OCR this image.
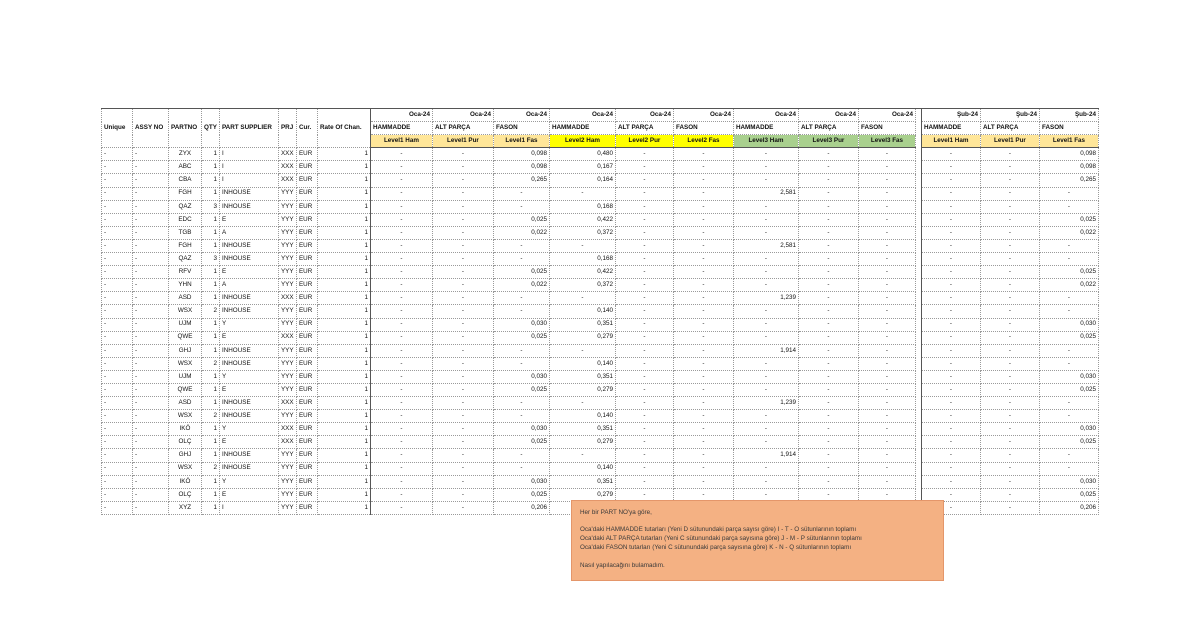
Unique	ASSY NO	PARTNO	QTY	PART SUPPLIER	PRJ	Cur.	Rate Of Chan.	Oca-24	Oca-24	Oca-24	Oca-24	Oca-24	Oca-24	Oca-24	Oca-24	Oca-24		Şub-24	Şub-24	Şub-24
								HAMMADDE	ALT PARÇA	FASON	HAMMADDE	ALT PARÇA	FASON	HAMMADDE	ALT PARÇA	FASON		HAMMADDE	ALT PARÇA	FASON
								Level1 Ham	Level1 Pur	Level1 Fas	Level2 Ham	Level2 Pur	Level2 Fas	Level3 Ham	Level3 Pur	Level3 Fas		Level1 Ham	Level1 Pur	Level1 Fas
-	-	ZYX	1	I	XXX	EUR	1	-	-	0,098	0,480	-	-	-	-	-		-	-	0,098
-	-	ABC	1	I	XXX	EUR	1	-	-	0,098	0,167	-	-	-	-	-		-	-	0,098
-	-	CBA	1	I	XXX	EUR	1	-	-	0,265	0,164	-	-	-	-	-		-	-	0,265
-	-	FGH	1	INHOUSE	YYY	EUR	1	-	-	-	-	-	-	2,581	-	-		-	-	-
-	-	QAZ	3	INHOUSE	YYY	EUR	1	-	-	-	0,168	-	-	-	-	-		-	-	-
-	-	EDC	1	E	YYY	EUR	1	-	-	0,025	0,422	-	-	-	-	-		-	-	0,025
-	-	TGB	1	A	YYY	EUR	1	-	-	0,022	0,372	-	-	-	-	-		-	-	0,022
-	-	FGH	1	INHOUSE	YYY	EUR	1	-	-	-	-	-	-	2,581	-	-		-	-	-
-	-	QAZ	3	INHOUSE	YYY	EUR	1	-	-	-	0,168	-	-	-	-	-		-	-	-
-	-	RFV	1	E	YYY	EUR	1	-	-	0,025	0,422	-	-	-	-	-		-	-	0,025
-	-	YHN	1	A	YYY	EUR	1	-	-	0,022	0,372	-	-	-	-	-		-	-	0,022
-	-	ASD	1	INHOUSE	XXX	EUR	1	-	-	-	-	-	-	1,239	-	-		-	-	-
-	-	WSX	2	INHOUSE	YYY	EUR	1	-	-	-	0,140	-	-	-	-	-		-	-	-
-	-	UJM	1	Y	YYY	EUR	1	-	-	0,030	0,351	-	-	-	-	-		-	-	0,030
-	-	QWE	1	E	XXX	EUR	1	-	-	0,025	0,279	-	-	-	-	-		-	-	0,025
-	-	GHJ	1	INHOUSE	YYY	EUR	1	-	-	-	-	-	-	1,914	-	-		-	-	-
-	-	WSX	2	INHOUSE	YYY	EUR	1	-	-	-	0,140	-	-	-	-	-		-	-	-
-	-	UJM	1	Y	YYY	EUR	1	-	-	0,030	0,351	-	-	-	-	-		-	-	0,030
-	-	QWE	1	E	YYY	EUR	1	-	-	0,025	0,279	-	-	-	-	-		-	-	0,025
-	-	ASD	1	INHOUSE	XXX	EUR	1	-	-	-	-	-	-	1,239	-	-		-	-	-
-	-	WSX	2	INHOUSE	YYY	EUR	1	-	-	-	0,140	-	-	-	-	-		-	-	-
-	-	IKÖ	1	Y	XXX	EUR	1	-	-	0,030	0,351	-	-	-	-	-		-	-	0,030
-	-	OLÇ	1	E	XXX	EUR	1	-	-	0,025	0,279	-	-	-	-	-		-	-	0,025
-	-	GHJ	1	INHOUSE	YYY	EUR	1	-	-	-	-	-	-	1,914	-	-		-	-	-
-	-	WSX	2	INHOUSE	YYY	EUR	1	-	-	-	0,140	-	-	-	-	-		-	-	-
-	-	IKÖ	1	Y	YYY	EUR	1	-	-	0,030	0,351	-	-	-	-	-		-	-	0,030
-	-	OLÇ	1	E	YYY	EUR	1	-	-	0,025	0,279	-	-	-	-	-		-	-	0,025
-	-	XYZ	1	I	YYY	EUR	1	-	-	0,206								-	-	0,206

Her bir PART NO'ya göre,

Oca'daki HAMMADDE tutarları (Yeni D sütunundaki parça sayısı göre) I - T - O sütunlarının toplamı

Oca'daki ALT PARÇA tutarları (Yeni C sütunundaki parça sayısına göre) J - M - P sütunlarının toplamı

Oca'daki FASON tutarları (Yeni C sütunundaki parça sayısına göre) K - N - Q sütunlarının toplamı

Nasıl yapılacağını bulamadım.
